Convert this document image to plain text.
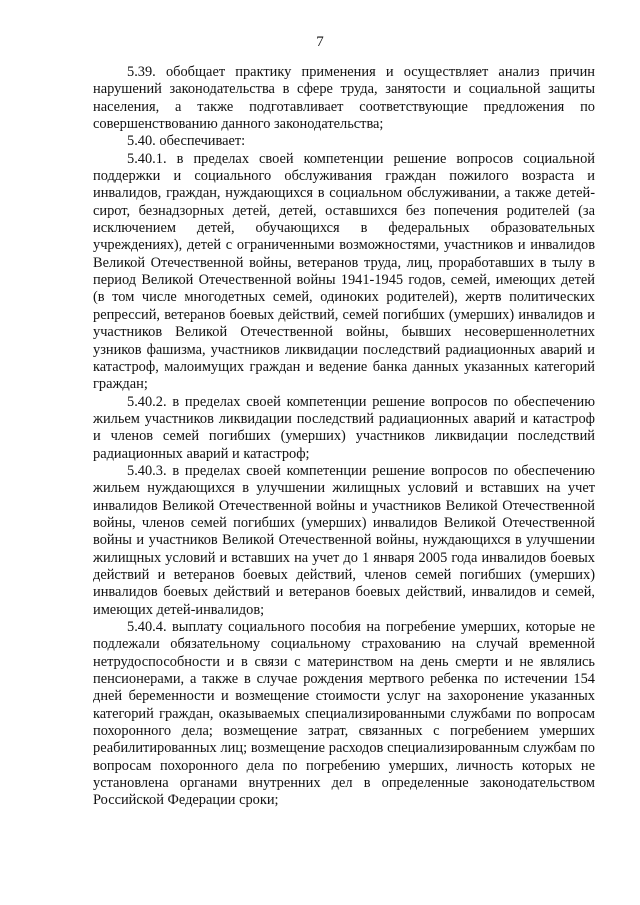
7

5.39. обобщает практику применения и осуществляет анализ причин нарушений законодательства в сфере труда, занятости и социальной защиты населения, а также подготавливает соответствующие предложения по совершенствованию данного законодательства;

5.40. обеспечивает:

5.40.1. в пределах своей компетенции решение вопросов социальной поддержки и социального обслуживания граждан пожилого возраста и инвалидов, граждан, нуждающихся в социальном обслуживании, а также детей-сирот, безнадзорных детей, детей, оставшихся без попечения родителей (за исключением детей, обучающихся в федеральных образовательных учреждениях), детей с ограниченными возможностями, участников и инвалидов Великой Отечественной войны, ветеранов труда, лиц, проработавших в тылу в период Великой Отечественной войны 1941-1945 годов, семей, имеющих детей (в том числе многодетных семей, одиноких родителей), жертв политических репрессий, ветеранов боевых действий, семей погибших (умерших) инвалидов и участников Великой Отечественной войны, бывших несовершеннолетних узников фашизма, участников ликвидации последствий радиационных аварий и катастроф, малоимущих граждан и ведение банка данных указанных категорий граждан;

5.40.2. в пределах своей компетенции решение вопросов по обеспечению жильем участников ликвидации последствий радиационных аварий и катастроф и членов семей погибших (умерших) участников ликвидации последствий радиационных аварий и катастроф;

5.40.3. в пределах своей компетенции решение вопросов по обеспечению жильем нуждающихся в улучшении жилищных условий и вставших на учет инвалидов Великой Отечественной войны и участников Великой Отечественной войны, членов семей погибших (умерших) инвалидов Великой Отечественной войны и участников Великой Отечественной войны, нуждающихся в улучшении жилищных условий и вставших на учет до 1 января 2005 года инвалидов боевых действий и ветеранов боевых действий, членов семей погибших (умерших) инвалидов боевых действий и ветеранов боевых действий, инвалидов и семей, имеющих детей-инвалидов;

5.40.4. выплату социального пособия на погребение умерших, которые не подлежали обязательному социальному страхованию на случай временной нетрудоспособности и в связи с материнством на день смерти и не являлись пенсионерами, а также в случае рождения мертвого ребенка по истечении 154 дней беременности и возмещение стоимости услуг на захоронение указанных категорий граждан, оказываемых специализированными службами по вопросам похоронного дела; возмещение затрат, связанных с погребением умерших реабилитированных лиц; возмещение расходов специализированным службам по вопросам похоронного дела по погребению умерших, личность которых не установлена органами внутренних дел в определенные законодательством Российской Федерации сроки;
